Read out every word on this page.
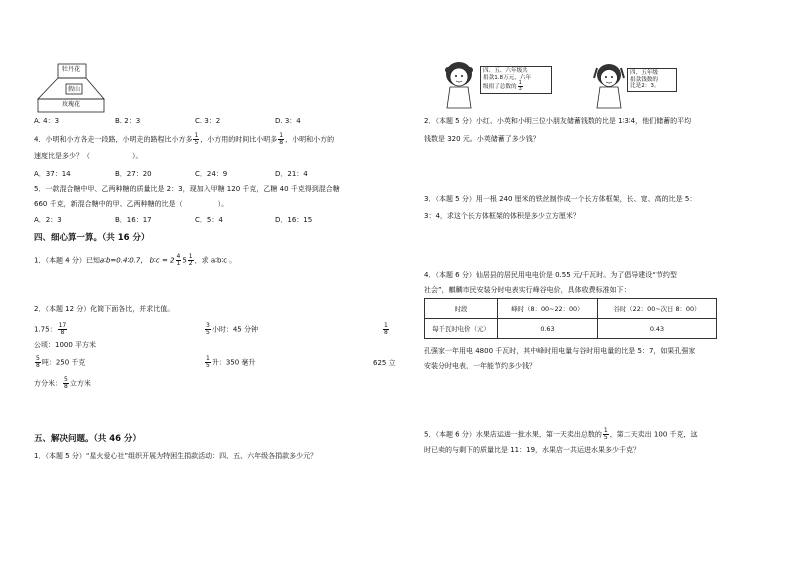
牡丹花
假山
玫瑰花
A. 4：3	B. 2：3	C. 3：2	D. 3：4
4．小明和小方各走一段路，小明走的路程比小方多 $\frac{1}{5}$ ，小方用的时间比小明多 $\frac{1}{8}$ ，小明和小方的
速度比是多少？（　　　　　　）。
A．37：14	B．27：20	C．24：9	D．21：4
5．一款混合糖中甲、乙两种糖的质量比是 2：3，现加入甲糖 120 千克，乙糖 40 千克得到混合糖
660 千克，新混合糖中的甲、乙两种糖的比是（　　　　　）。
A．2：3	B．16：17	C．5：4	D．16：15
四、细心算一算。（共 16 分）
1．（本题 4 分）已知a∶b=0.4∶0.7， b∶c = $2 \frac{4}{1} 5 \frac{1}{2}$ ，求 a∶b∶c 。
2．（本题 12 分）化简下面各比，并求比值。
1.75： $\frac{17}{8}$	$\frac{3}{5}$ 小时：45 分钟	$\frac{1}{8}$
公顷：1000 平方米
$\frac{5}{8}$ 吨：250 千克	$\frac{1}{5}$ 升：350 毫升	625 立
方分米： $\frac{5}{8}$ 立方米
五、解决问题。（共 46 分）
1．（本题 5 分）“星火爱心社”组织开展为特困生捐款活动：四、五、六年级各捐款多少元？
四、五、六年级共
捐款1.8万元，六年
级捐了总数的 $\frac{1}{3}$
四、五年级
捐款钱数的
比是2：3。
2．（本题 5 分）小红、小英和小明三位小朋友储蓄钱数的比是 1∶3∶4，他们储蓄的平均
钱数是 320 元。小英储蓄了多少钱？
3．（本题 5 分）用一根 240 厘米的铁丝制作成一个长方体框架，长、宽、高的比是 5：
3：4，求这个长方体框架的体积是多少立方厘米？
4．（本题 6 分）仙居县的居民用电电价是 0.55 元/千瓦时。为了倡导建设“节约型
社会”，麒麟市民安装分时电表实行峰谷电价，具体收费标准如下：
时段	峰时（8：00~22：00）	谷时（22：00~次日 8：00）
每千瓦时电价（元）	0.63	0.43
孔强家一年用电 4800 千瓦时，其中峰时用电量与谷时用电量的比是 5：7，如果孔强家
安装分时电表，一年能节约多少钱？
5．（本题 6 分）水果店运进一批水果，第一天卖出总数的 $\frac{1}{5}$ ，第二天卖出 100 千克，这
时已卖的与剩下的质量比是 11：19，水果店一共运进水果多少千克？
